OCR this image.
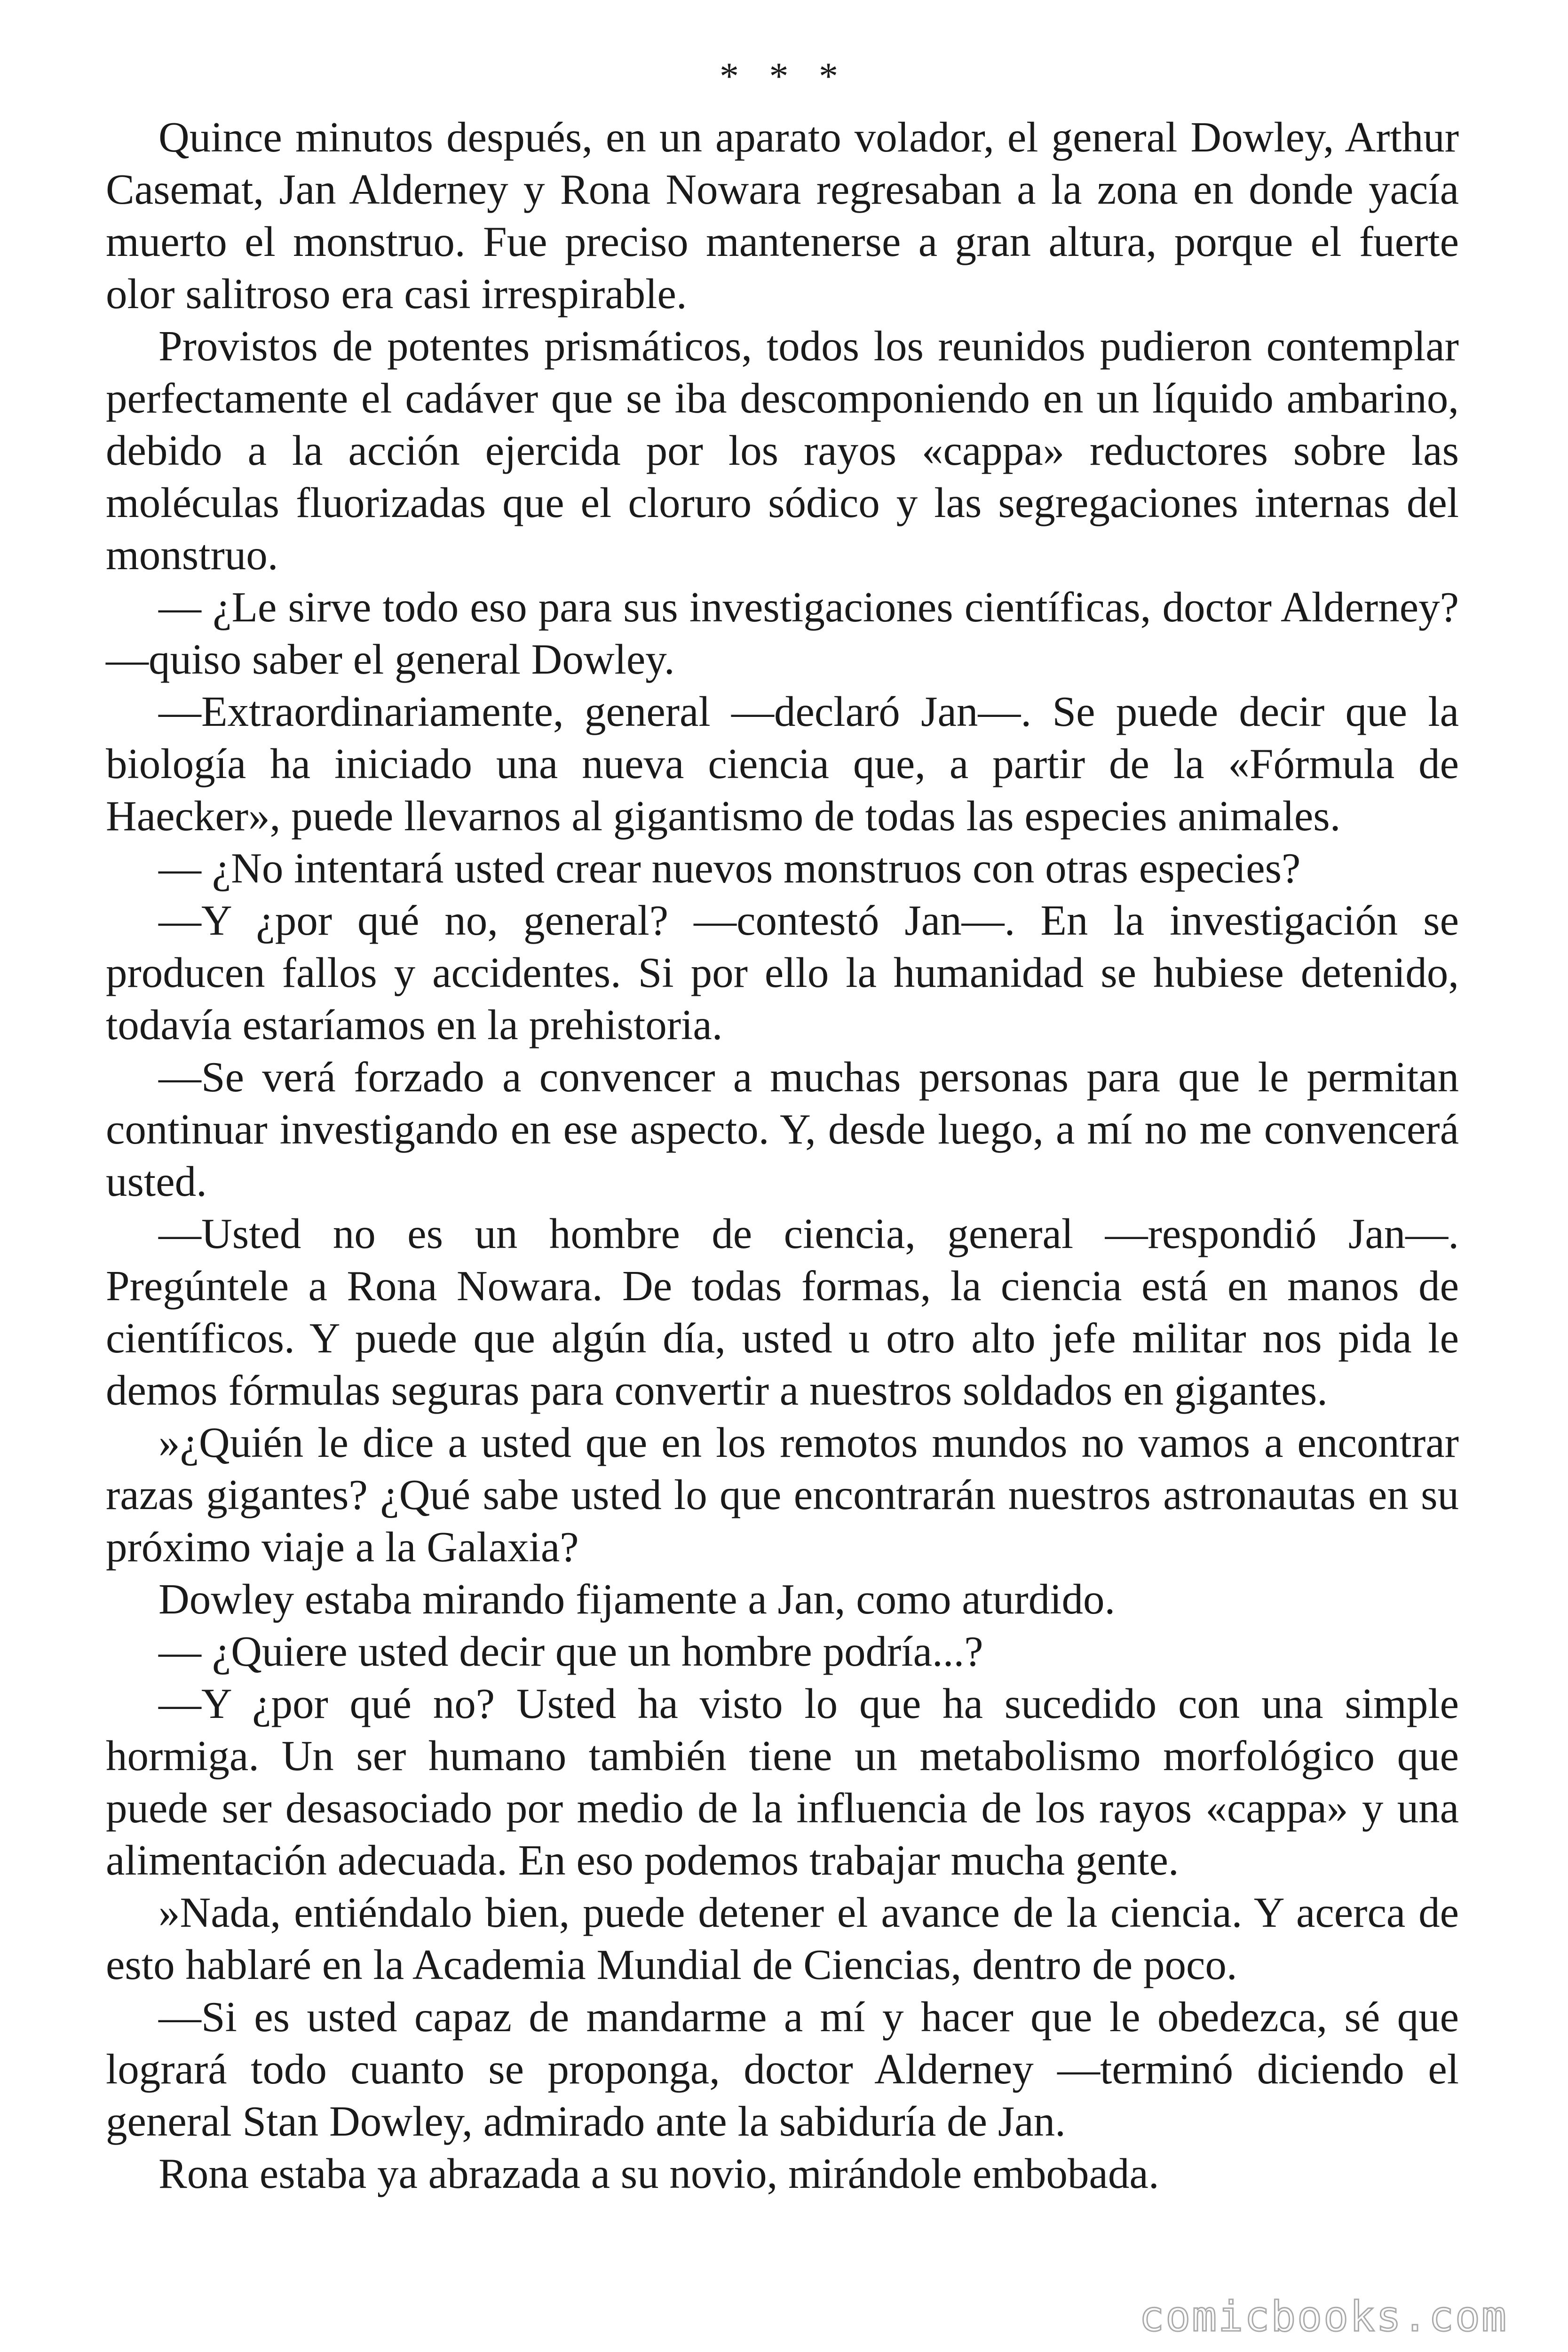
* * *

Quince minutos después, en un aparato volador, el general Dowley, Arthur Casemat, Jan Alderney y Rona Nowara regresaban a la zona en donde yacía muerto el monstruo. Fue preciso mantenerse a gran altura, porque el fuerte olor salitroso era casi irrespirable.

Provistos de potentes prismáticos, todos los reunidos pudieron contemplar perfectamente el cadáver que se iba descomponiendo en un líquido ambarino, debido a la acción ejercida por los rayos «cappa» reductores sobre las moléculas fluorizadas que el cloruro sódico y las segregaciones internas del monstruo.

— ¿Le sirve todo eso para sus investigaciones científicas, doctor Alderney? —quiso saber el general Dowley.

—Extraordinariamente, general —declaró Jan—. Se puede decir que la biología ha iniciado una nueva ciencia que, a partir de la «Fórmula de Haecker», puede llevarnos al gigantismo de todas las especies animales.

— ¿No intentará usted crear nuevos monstruos con otras especies?

—Y ¿por qué no, general? —contestó Jan—. En la investigación se producen fallos y accidentes. Si por ello la humanidad se hubiese detenido, todavía estaríamos en la prehistoria.

—Se verá forzado a convencer a muchas personas para que le permitan continuar investigando en ese aspecto. Y, desde luego, a mí no me convencerá usted.

—Usted no es un hombre de ciencia, general —respondió Jan—. Pregúntele a Rona Nowara. De todas formas, la ciencia está en manos de científicos. Y puede que algún día, usted u otro alto jefe militar nos pida le demos fórmulas seguras para convertir a nuestros soldados en gigantes.

»¿Quién le dice a usted que en los remotos mundos no vamos a encontrar razas gigantes? ¿Qué sabe usted lo que encontrarán nuestros astronautas en su próximo viaje a la Galaxia?

Dowley estaba mirando fijamente a Jan, como aturdido.

— ¿Quiere usted decir que un hombre podría...?

—Y ¿por qué no? Usted ha visto lo que ha sucedido con una simple hormiga. Un ser humano también tiene un metabolismo morfológico que puede ser desasociado por medio de la influencia de los rayos «cappa» y una alimentación adecuada. En eso podemos trabajar mucha gente.

»Nada, entiéndalo bien, puede detener el avance de la ciencia. Y acerca de esto hablaré en la Academia Mundial de Ciencias, dentro de poco.

—Si es usted capaz de mandarme a mí y hacer que le obedezca, sé que logrará todo cuanto se proponga, doctor Alderney —terminó diciendo el general Stan Dowley, admirado ante la sabiduría de Jan.

Rona estaba ya abrazada a su novio, mirándole embobada.

comicbooks.com
